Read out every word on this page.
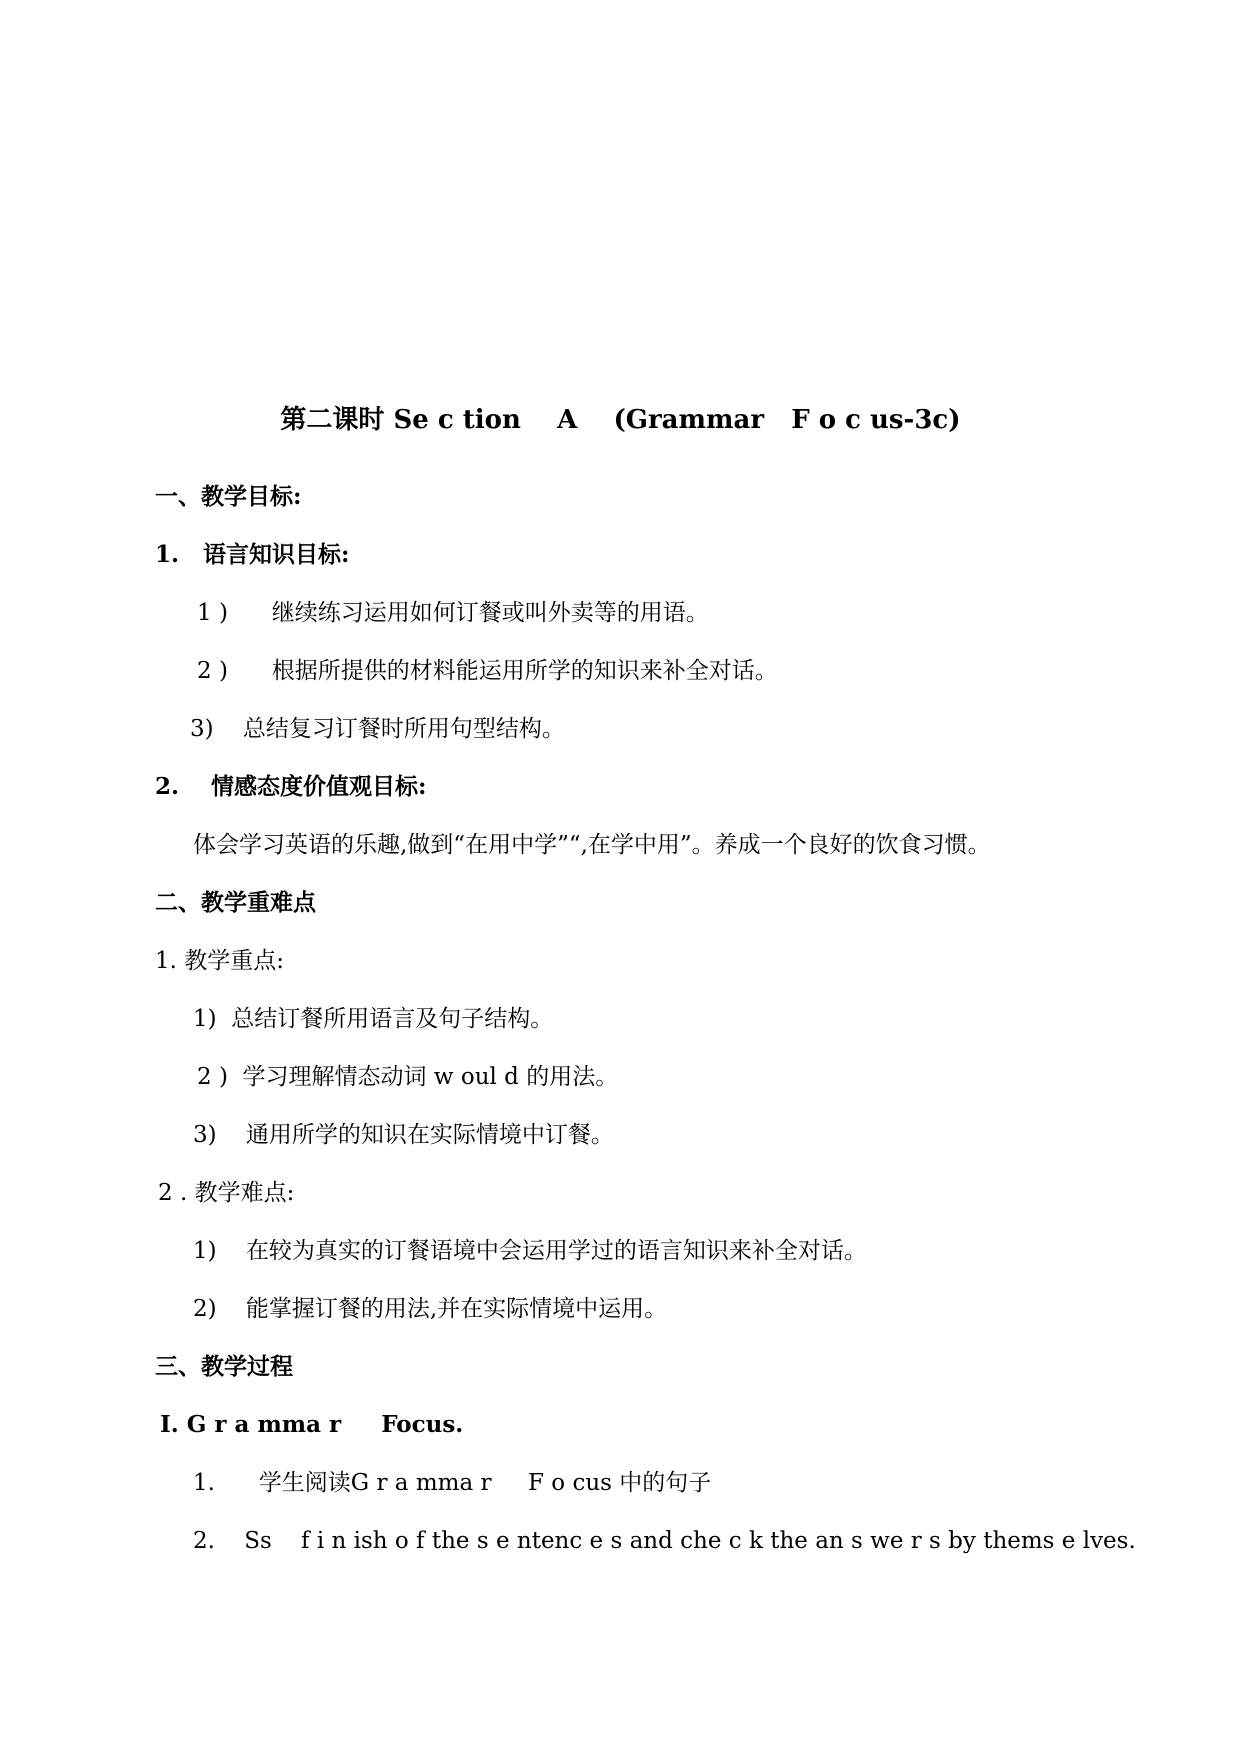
第二课时 Se c tion    A    (Grammar   F o c us-3c)
一、教学目标:
1.   语言知识目标:
1 )      继续练习运用如何订餐或叫外卖等的用语。
2 )      根据所提供的材料能运用所学的知识来补全对话。
3)    总结复习订餐时所用句型结构。
2.    情感态度价值观目标:
体会学习英语的乐趣,做到“在用中学”“,在学中用”。养成一个良好的饮食习惯。
二、教学重难点
1. 教学重点:
1)  总结订餐所用语言及句子结构。
2 )  学习理解情态动词 w oul d 的用法。
3)    通用所学的知识在实际情境中订餐。
2 . 教学难点:
1)    在较为真实的订餐语境中会运用学过的语言知识来补全对话。
2)    能掌握订餐的用法,并在实际情境中运用。
三、教学过程
Ⅰ. G r a mma r     Focus.
1.      学生阅读G r a mma r     F o cus 中的句子
2.    Ss    f i n ish o f the s e ntenc e s and che c k the an s we r s by thems e lves.
